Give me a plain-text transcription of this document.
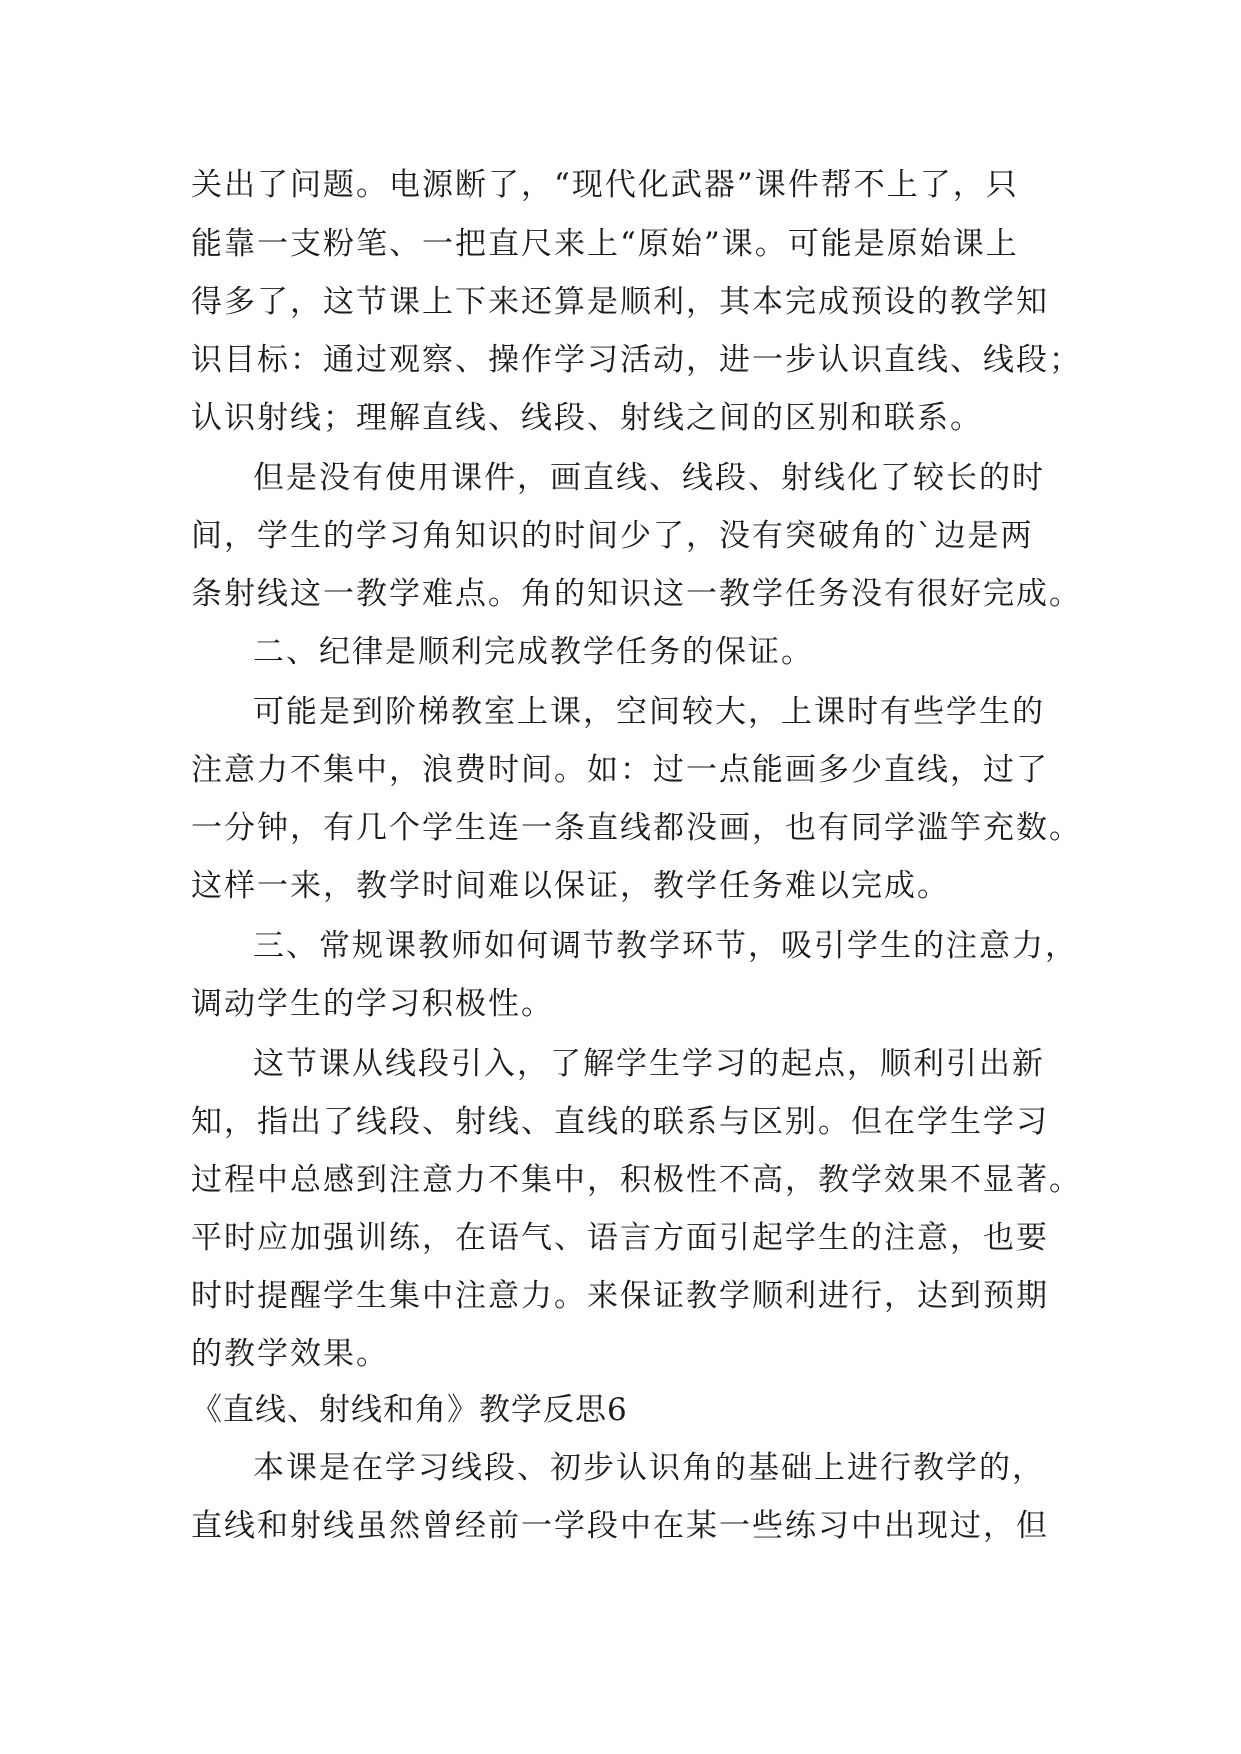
关出了问题。电源断了，“现代化武器”课件帮不上了，只
能靠一支粉笔、一把直尺来上“原始”课。可能是原始课上
得多了，这节课上下来还算是顺利，其本完成预设的教学知
识目标：通过观察、操作学习活动，进一步认识直线、线段；
认识射线；理解直线、线段、射线之间的区别和联系。
但是没有使用课件，画直线、线段、射线化了较长的时
间，学生的学习角知识的时间少了，没有突破角的`边是两
条射线这一教学难点。角的知识这一教学任务没有很好完成。
二、纪律是顺利完成教学任务的保证。
可能是到阶梯教室上课，空间较大，上课时有些学生的
注意力不集中，浪费时间。如：过一点能画多少直线，过了
一分钟，有几个学生连一条直线都没画，也有同学滥竽充数。
这样一来，教学时间难以保证，教学任务难以完成。
三、常规课教师如何调节教学环节，吸引学生的注意力，
调动学生的学习积极性。
这节课从线段引入，了解学生学习的起点，顺利引出新
知，指出了线段、射线、直线的联系与区别。但在学生学习
过程中总感到注意力不集中，积极性不高，教学效果不显著。
平时应加强训练，在语气、语言方面引起学生的注意，也要
时时提醒学生集中注意力。来保证教学顺利进行，达到预期
的教学效果。
《直线、射线和角》教学反思6
本课是在学习线段、初步认识角的基础上进行教学的，
直线和射线虽然曾经前一学段中在某一些练习中出现过，但
